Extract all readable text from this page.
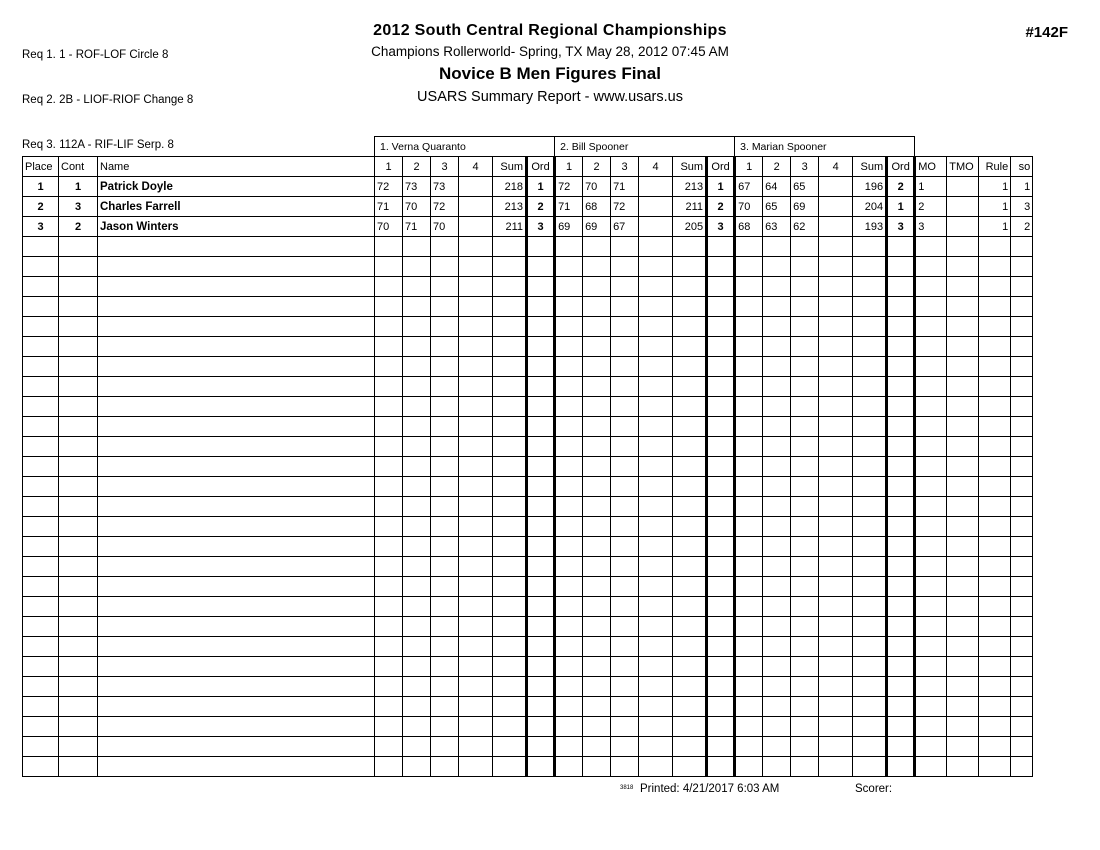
Req 1. 1 - ROF-LOF Circle 8

Req 2. 2B - LIOF-RIOF Change 8

Req 3. 112A - RIF-LIF Serp. 8

2012 South Central Regional Championships
Champions Rollerworld- Spring, TX May 28, 2012 07:45 AM
Novice B Men Figures Final
USARS Summary Report - www.usars.us
#142F
			1. Verna Quaranto						2. Bill Spooner						3. Marian Spooner									
Place	Cont	Name	1	2	3	4	Sum	Ord	1	2	3	4	Sum	Ord	1	2	3	4	Sum	Ord	MO	TMO	Rule	so
1	1	Patrick Doyle	72	73	73		218	1	72	70	71		213	1	67	64	65		196	2	1		1	1
2	3	Charles Farrell	71	70	72		213	2	71	68	72		211	2	70	65	69		204	1	2		1	3
3	2	Jason Winters	70	71	70		211	3	69	69	67		205	3	68	63	62		193	3	3		1	2

3818 Printed: 4/21/2017 6:03 AM	Scorer:
